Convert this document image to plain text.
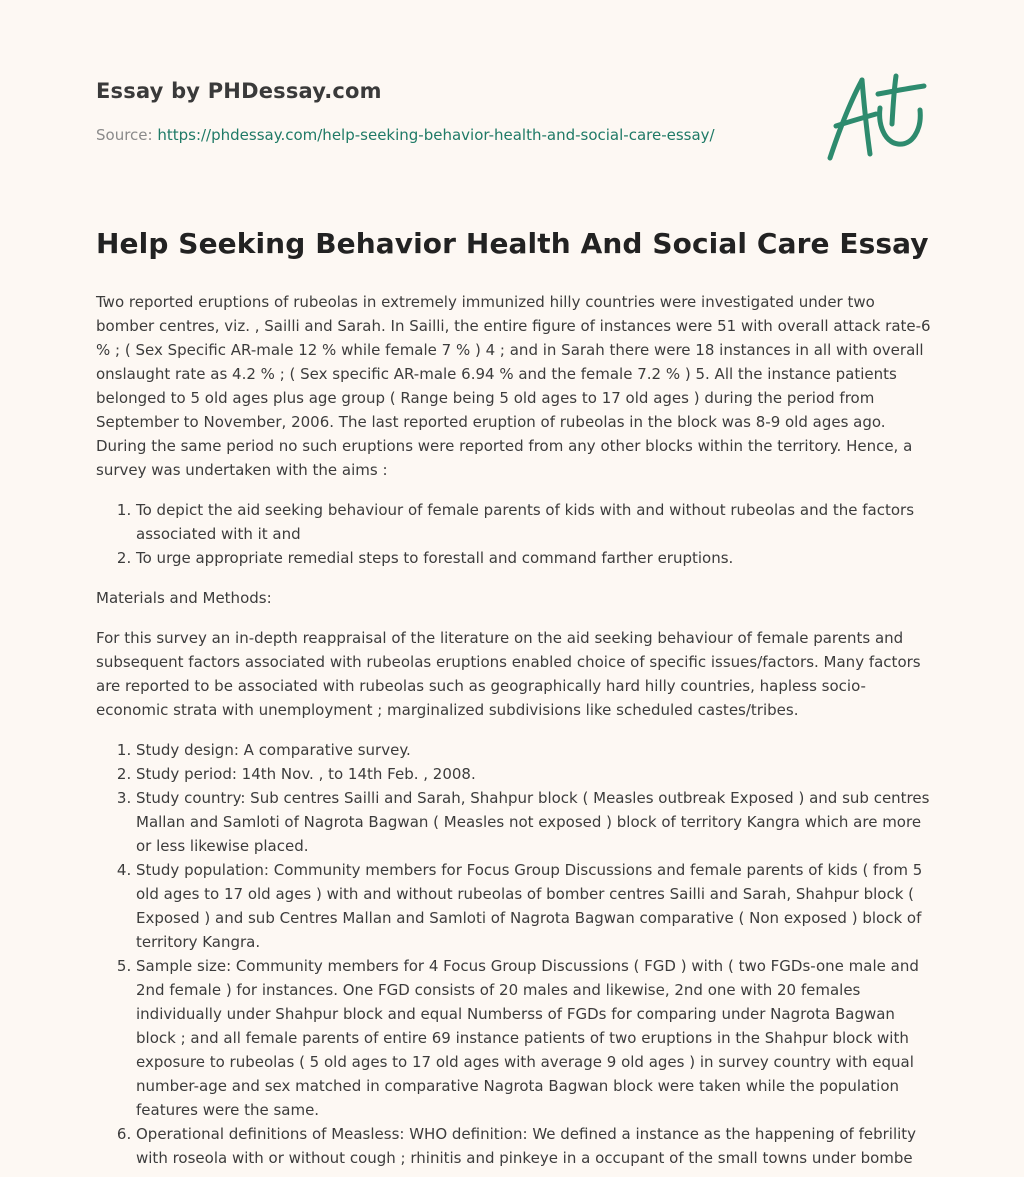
Essay by PHDessay.com
Source: https://phdessay.com/help-seeking-behavior-health-and-social-care-essay/
Help Seeking Behavior Health And Social Care Essay

Two reported eruptions of rubeolas in extremely immunized hilly countries were investigated under two bomber centres, viz. , Sailli and Sarah. In Sailli, the entire figure of instances were 51 with overall attack rate-6 % ; ( Sex Specific AR-male 12 % while female 7 % ) 4 ; and in Sarah there were 18 instances in all with overall onslaught rate as 4.2 % ; ( Sex specific AR-male 6.94 % and the female 7.2 % ) 5. All the instance patients belonged to 5 old ages plus age group ( Range being 5 old ages to 17 old ages ) during the period from September to November, 2006. The last reported eruption of rubeolas in the block was 8-9 old ages ago. During the same period no such eruptions were reported from any other blocks within the territory. Hence, a survey was undertaken with the aims :

1. To depict the aid seeking behaviour of female parents of kids with and without rubeolas and the factors associated with it and
2. To urge appropriate remedial steps to forestall and command farther eruptions.

Materials and Methods:

For this survey an in-depth reappraisal of the literature on the aid seeking behaviour of female parents and subsequent factors associated with rubeolas eruptions enabled choice of specific issues/factors. Many factors are reported to be associated with rubeolas such as geographically hard hilly countries, hapless socio-economic strata with unemployment ; marginalized subdivisions like scheduled castes/tribes.

1. Study design: A comparative survey.
2. Study period: 14th Nov. , to 14th Feb. , 2008.
3. Study country: Sub centres Sailli and Sarah, Shahpur block ( Measles outbreak Exposed ) and sub centres Mallan and Samloti of Nagrota Bagwan ( Measles not exposed ) block of territory Kangra which are more or less likewise placed.
4. Study population: Community members for Focus Group Discussions and female parents of kids ( from 5 old ages to 17 old ages ) with and without rubeolas of bomber centres Sailli and Sarah, Shahpur block ( Exposed ) and sub Centres Mallan and Samloti of Nagrota Bagwan comparative ( Non exposed ) block of territory Kangra.
5. Sample size: Community members for 4 Focus Group Discussions ( FGD ) with ( two FGDs-one male and 2nd female ) for instances. One FGD consists of 20 males and likewise, 2nd one with 20 females individually under Shahpur block and equal Numberss of FGDs for comparing under Nagrota Bagwan block ; and all female parents of entire 69 instance patients of two eruptions in the Shahpur block with exposure to rubeolas ( 5 old ages to 17 old ages with average 9 old ages ) in survey country with equal number-age and sex matched in comparative Nagrota Bagwan block were taken while the population features were the same.
6. Operational definitions of Measless: WHO definition: We defined a instance as the happening of febrility with roseola with or without cough ; rhinitis and pinkeye in a occupant of the small towns under bombe
